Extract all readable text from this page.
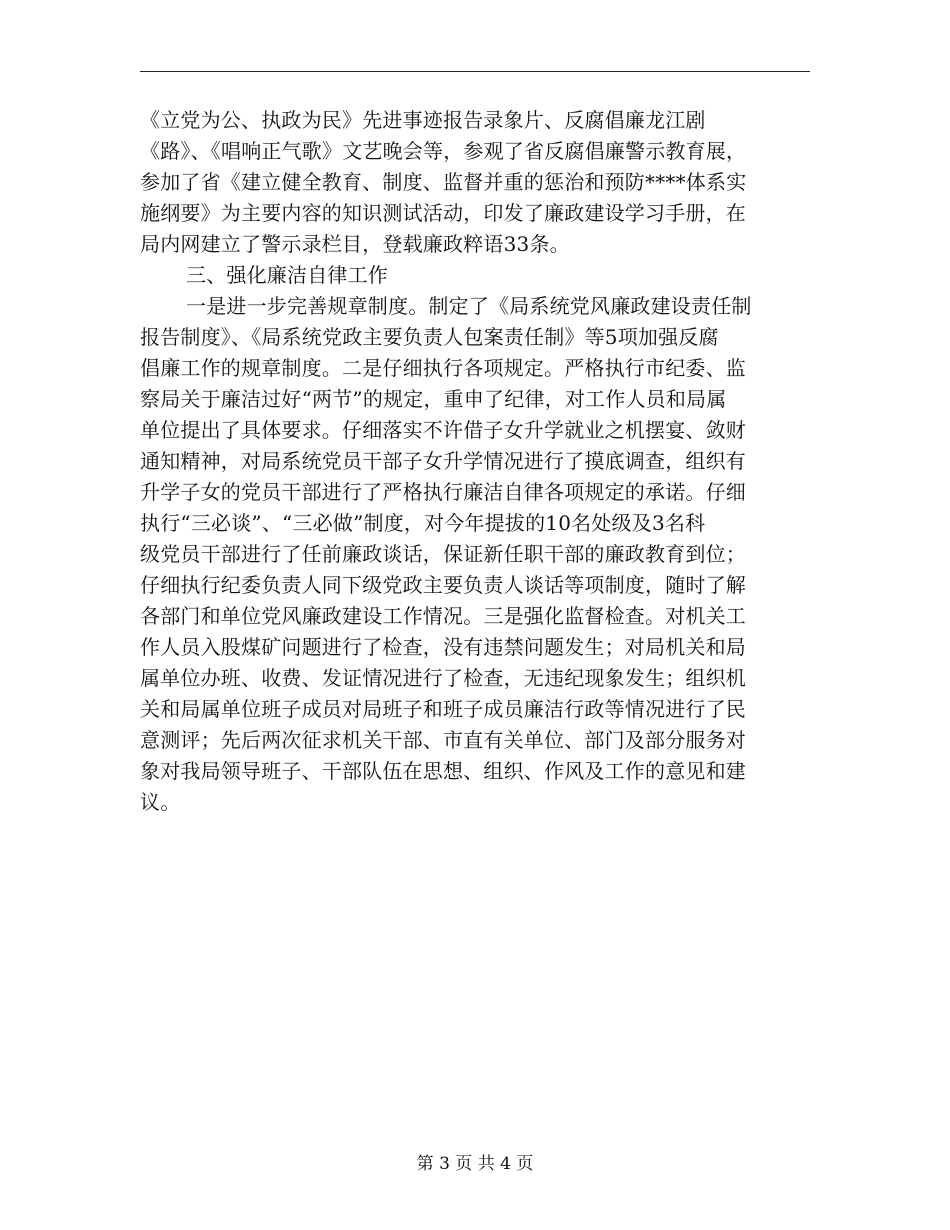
《立党为公、执政为民》先进事迹报告录象片、反腐倡廉龙江剧
《路》、《唱响正气歌》文艺晚会等，参观了省反腐倡廉警示教育展，
参加了省《建立健全教育、制度、监督并重的惩治和预防****体系实
施纲要》为主要内容的知识测试活动，印发了廉政建设学习手册，在
局内网建立了警示录栏目，登载廉政粹语33条。
三、强化廉洁自律工作
一是进一步完善规章制度。制定了《局系统党风廉政建设责任制
报告制度》、《局系统党政主要负责人包案责任制》等5项加强反腐
倡廉工作的规章制度。二是仔细执行各项规定。严格执行市纪委、监
察局关于廉洁过好“两节”的规定，重申了纪律，对工作人员和局属
单位提出了具体要求。仔细落实不许借子女升学就业之机摆宴、敛财
通知精神，对局系统党员干部子女升学情况进行了摸底调查，组织有
升学子女的党员干部进行了严格执行廉洁自律各项规定的承诺。仔细
执行“三必谈”、“三必做”制度，对今年提拔的10名处级及3名科
级党员干部进行了任前廉政谈话，保证新任职干部的廉政教育到位；
仔细执行纪委负责人同下级党政主要负责人谈话等项制度，随时了解
各部门和单位党风廉政建设工作情况。三是强化监督检查。对机关工
作人员入股煤矿问题进行了检查，没有违禁问题发生；对局机关和局
属单位办班、收费、发证情况进行了检查，无违纪现象发生；组织机
关和局属单位班子成员对局班子和班子成员廉洁行政等情况进行了民
意测评；先后两次征求机关干部、市直有关单位、部门及部分服务对
象对我局领导班子、干部队伍在思想、组织、作风及工作的意见和建
议。
第 3 页 共 4 页
